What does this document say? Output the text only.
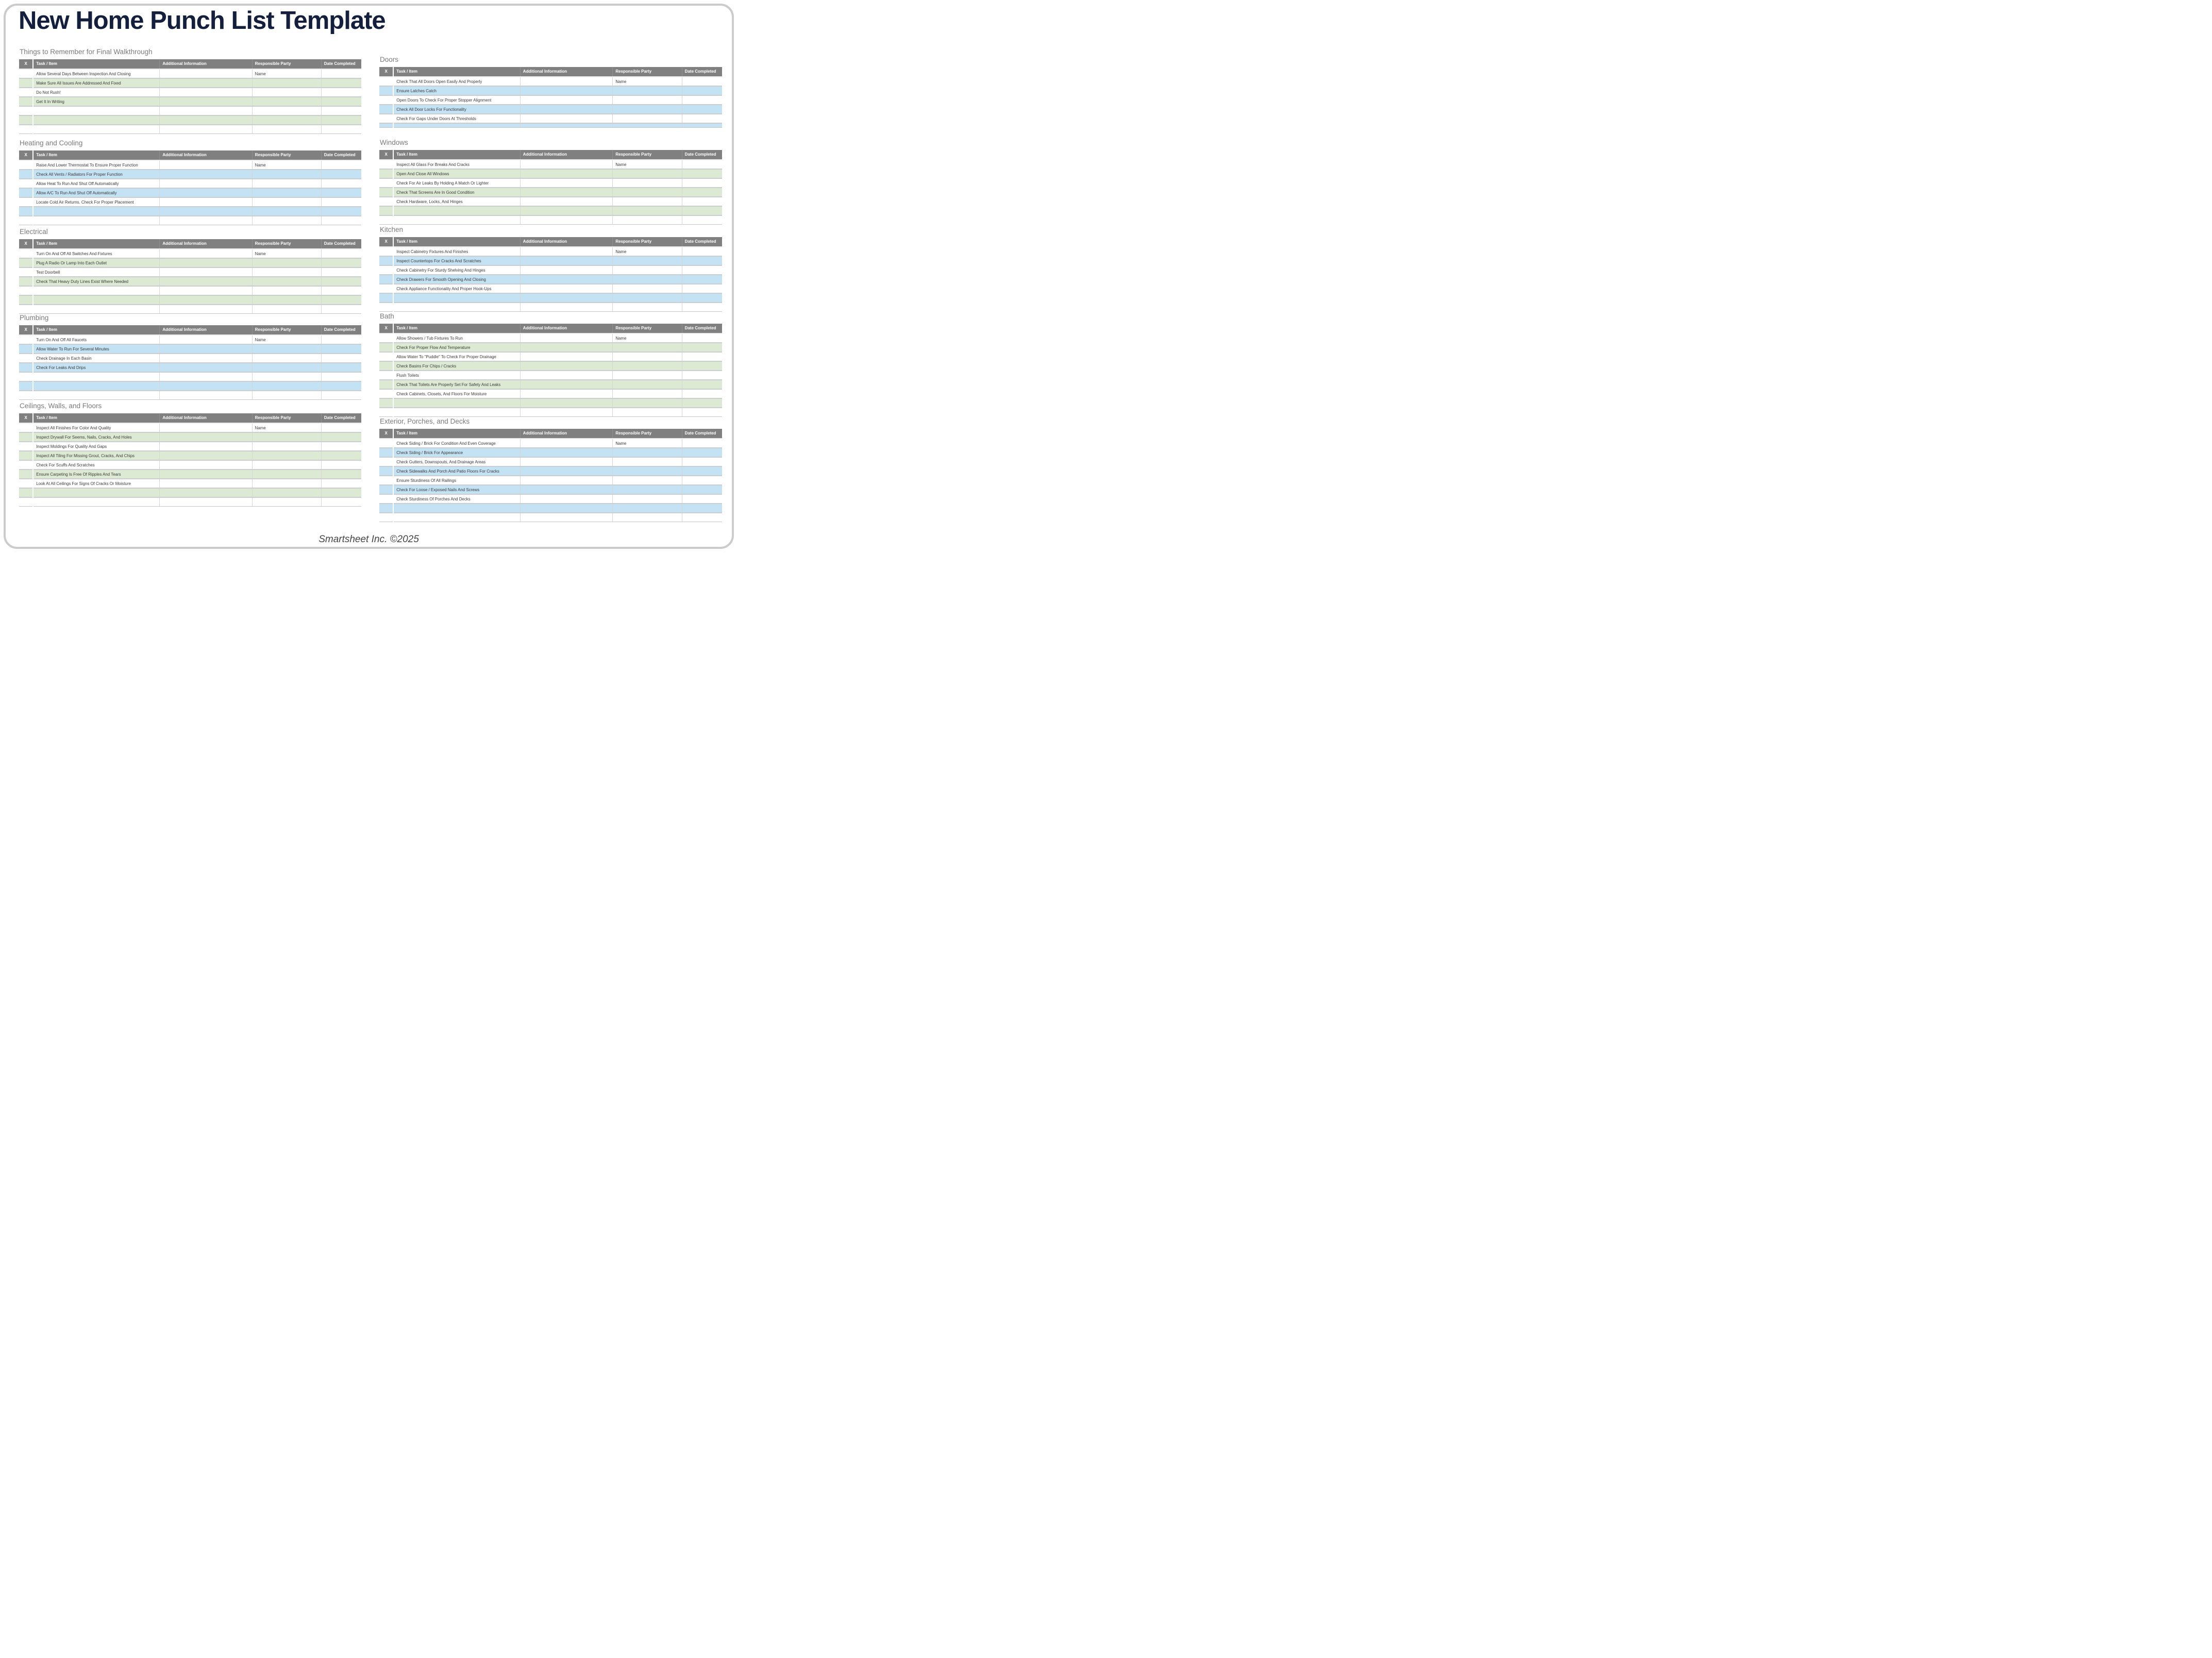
New Home Punch List Template
Things to Remember for Final Walkthrough
X	Task / Item	Additional Information	Responsible Party	Date Completed
	Allow Several Days Between Inspection And Closing		Name	
	Make Sure All Issues Are Addressed And Fixed			
	Do Not Rush!			
	Get It In Writing			

Heating and Cooling
X	Task / Item	Additional Information	Responsible Party	Date Completed
	Raise And Lower Thermostat To Ensure Proper Function		Name	
	Check All Vents / Radiators For Proper Function			
	Allow Heat To Run And Shut Off Automatically			
	Allow A/C To Run And Shut Off Automatically			
	Locate Cold Air Returns. Check For Proper Placement			

Electrical
X	Task / Item	Additional Information	Responsible Party	Date Completed
	Turn On And Off All Switches And Fixtures		Name	
	Plug A Radio Or Lamp Into Each Outlet			
	Test Doorbell			
	Check That Heavy Duty Lines Exist Where Needed			

Plumbing
X	Task / Item	Additional Information	Responsible Party	Date Completed
	Turn On And Off All Faucets		Name	
	Allow Water To Run For Several Minutes			
	Check Drainage In Each Basin			
	Check For Leaks And Drips			

Ceilings, Walls, and Floors
X	Task / Item	Additional Information	Responsible Party	Date Completed
	Inspect All Finishes For Color And Quality		Name	
	Inspect Drywall For Seems, Nails, Cracks, And Holes			
	Inspect Moldings For Quality And Gaps			
	Inspect All Tiling For Missing Grout, Cracks, And Chips			
	Check For Scuffs And Scratches			
	Ensure Carpeting Is Free Of Ripples And Tears			
	Look At All Ceilings For Signs Of Cracks Or Moisture			

Doors
X	Task / Item	Additional Information	Responsible Party	Date Completed
	Check That All Doors Open Easily And Properly		Name	
	Ensure Latches Catch			
	Open Doors To Check For Proper Stopper Alignment			
	Check All Door Locks For Functionality			
	Check For Gaps Under Doors At Thresholds			

Windows
X	Task / Item	Additional Information	Responsible Party	Date Completed
	Inspect All Glass For Breaks And Cracks		Name	
	Open And Close All Windows			
	Check For Air Leaks By Holding A Match Or Lighter			
	Check That Screens Are In Good Condition			
	Check Hardware, Locks, And Hinges			

Kitchen
X	Task / Item	Additional Information	Responsible Party	Date Completed
	Inspect Cabinetry Fixtures And Finishes		Name	
	Inspect Countertops For Cracks And Scratches			
	Check Cabinetry For Sturdy Shelving And Hinges			
	Check Drawers For Smooth Opening And Closing			
	Check Appliance Functionality And Proper Hook-Ups			

Bath
X	Task / Item	Additional Information	Responsible Party	Date Completed
	Allow Showers / Tub Fixtures To Run		Name	
	Check For Proper Flow And Temperature			
	Allow Water To "Puddle" To Check For Proper Drainage			
	Check Basins For Chips / Cracks			
	Flush Toilets			
	Check That Toilets Are Properly Set For Safety And Leaks			
	Check Cabinets, Closets, And Floors For Moisture			

Exterior, Porches, and Decks
X	Task / Item	Additional Information	Responsible Party	Date Completed
	Check Siding / Brick For Condition And Even Coverage		Name	
	Check Siding / Brick For Appearance			
	Check Gutters, Downspouts, And Drainage Areas			
	Check Sidewalks And Porch And Patio Floors For Cracks			
	Ensure Sturdiness Of All Railings			
	Check For Loose / Exposed Nails And Screws			
	Check Sturdiness Of Porches And Decks			

Smartsheet Inc. ©2025
